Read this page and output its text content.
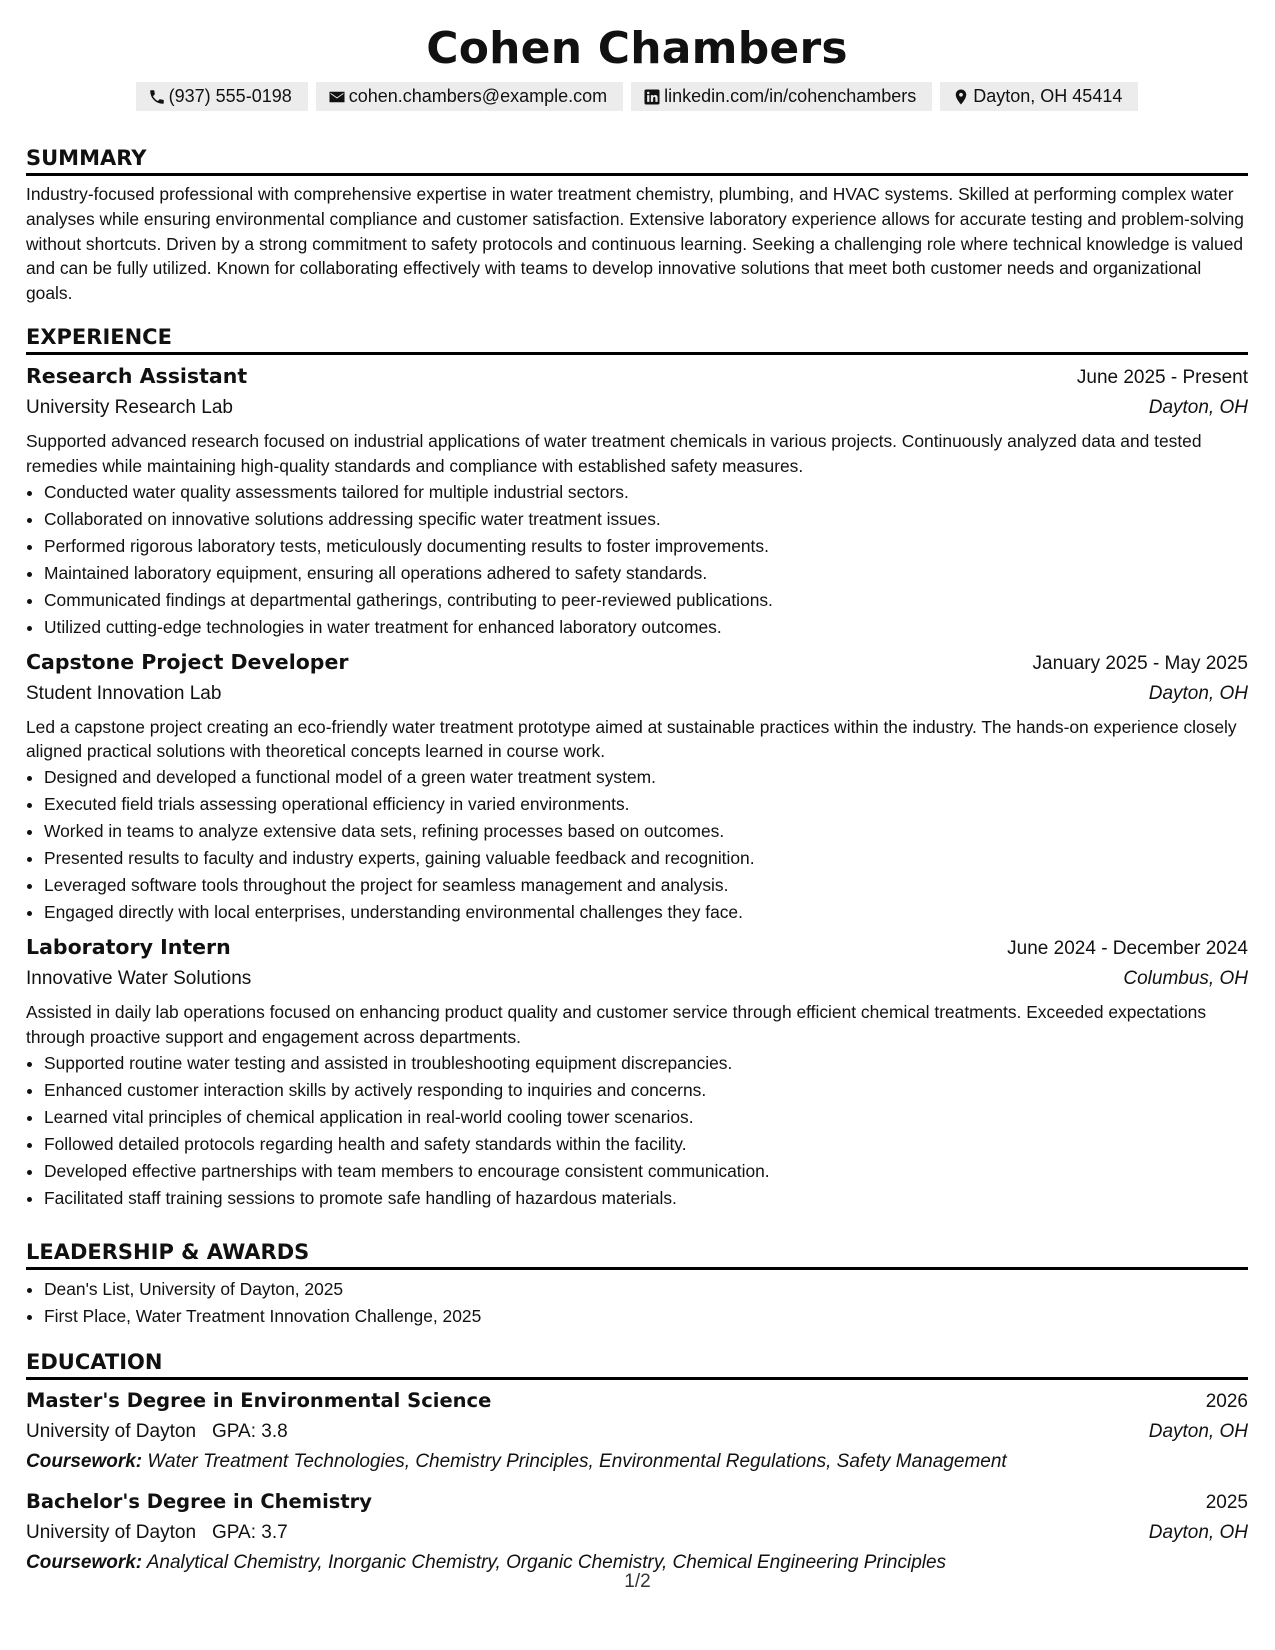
Cohen Chambers
(937) 555-0198	cohen.chambers@example.com	linkedin.com/in/cohenchambers	Dayton, OH 45414
SUMMARY

Industry-focused professional with comprehensive expertise in water treatment chemistry, plumbing, and HVAC systems. Skilled at performing complex water analyses while ensuring environmental compliance and customer satisfaction. Extensive laboratory experience allows for accurate testing and problem-solving without shortcuts. Driven by a strong commitment to safety protocols and continuous learning. Seeking a challenging role where technical knowledge is valued and can be fully utilized. Known for collaborating effectively with teams to develop innovative solutions that meet both customer needs and organizational goals.

EXPERIENCE
Research Assistant	June 2025 - Present
University Research Lab	Dayton, OH

Supported advanced research focused on industrial applications of water treatment chemicals in various projects. Continuously analyzed data and tested remedies while maintaining high-quality standards and compliance with established safety measures.

• Conducted water quality assessments tailored for multiple industrial sectors.
• Collaborated on innovative solutions addressing specific water treatment issues.
• Performed rigorous laboratory tests, meticulously documenting results to foster improvements.
• Maintained laboratory equipment, ensuring all operations adhered to safety standards.
• Communicated findings at departmental gatherings, contributing to peer-reviewed publications.
• Utilized cutting-edge technologies in water treatment for enhanced laboratory outcomes.
Capstone Project Developer	January 2025 - May 2025
Student Innovation Lab	Dayton, OH

Led a capstone project creating an eco-friendly water treatment prototype aimed at sustainable practices within the industry. The hands-on experience closely aligned practical solutions with theoretical concepts learned in course work.

• Designed and developed a functional model of a green water treatment system.
• Executed field trials assessing operational efficiency in varied environments.
• Worked in teams to analyze extensive data sets, refining processes based on outcomes.
• Presented results to faculty and industry experts, gaining valuable feedback and recognition.
• Leveraged software tools throughout the project for seamless management and analysis.
• Engaged directly with local enterprises, understanding environmental challenges they face.
Laboratory Intern	June 2024 - December 2024
Innovative Water Solutions	Columbus, OH

Assisted in daily lab operations focused on enhancing product quality and customer service through efficient chemical treatments. Exceeded expectations through proactive support and engagement across departments.

• Supported routine water testing and assisted in troubleshooting equipment discrepancies.
• Enhanced customer interaction skills by actively responding to inquiries and concerns.
• Learned vital principles of chemical application in real-world cooling tower scenarios.
• Followed detailed protocols regarding health and safety standards within the facility.
• Developed effective partnerships with team members to encourage consistent communication.
• Facilitated staff training sessions to promote safe handling of hazardous materials.
LEADERSHIP & AWARDS
• Dean's List, University of Dayton, 2025
• First Place, Water Treatment Innovation Challenge, 2025
EDUCATION
Master's Degree in Environmental Science	2026
University of Dayton GPA: 3.8	Dayton, OH
Coursework: Water Treatment Technologies, Chemistry Principles, Environmental Regulations, Safety Management
Bachelor's Degree in Chemistry	2025
University of Dayton GPA: 3.7	Dayton, OH
Coursework: Analytical Chemistry, Inorganic Chemistry, Organic Chemistry, Chemical Engineering Principles
1/2
